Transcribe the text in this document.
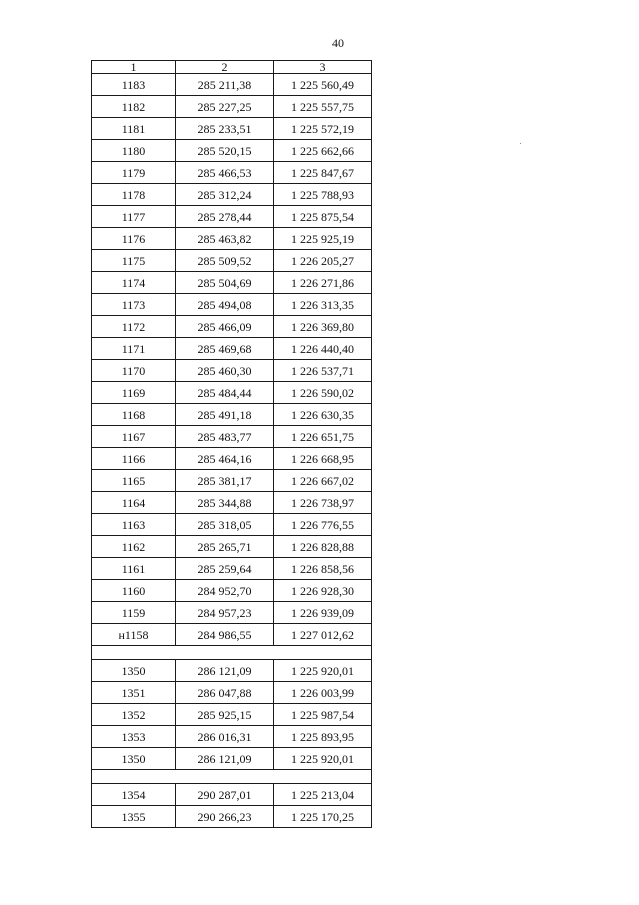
40
1	2	3
1183	285 211,38	1 225 560,49
1182	285 227,25	1 225 557,75
1181	285 233,51	1 225 572,19
1180	285 520,15	1 225 662,66
1179	285 466,53	1 225 847,67
1178	285 312,24	1 225 788,93
1177	285 278,44	1 225 875,54
1176	285 463,82	1 225 925,19
1175	285 509,52	1 226 205,27
1174	285 504,69	1 226 271,86
1173	285 494,08	1 226 313,35
1172	285 466,09	1 226 369,80
1171	285 469,68	1 226 440,40
1170	285 460,30	1 226 537,71
1169	285 484,44	1 226 590,02
1168	285 491,18	1 226 630,35
1167	285 483,77	1 226 651,75
1166	285 464,16	1 226 668,95
1165	285 381,17	1 226 667,02
1164	285 344,88	1 226 738,97
1163	285 318,05	1 226 776,55
1162	285 265,71	1 226 828,88
1161	285 259,64	1 226 858,56
1160	284 952,70	1 226 928,30
1159	284 957,23	1 226 939,09
н1158	284 986,55	1 227 012,62

1350	286 121,09	1 225 920,01
1351	286 047,88	1 226 003,99
1352	285 925,15	1 225 987,54
1353	286 016,31	1 225 893,95
1350	286 121,09	1 225 920,01

1354	290 287,01	1 225 213,04
1355	290 266,23	1 225 170,25
